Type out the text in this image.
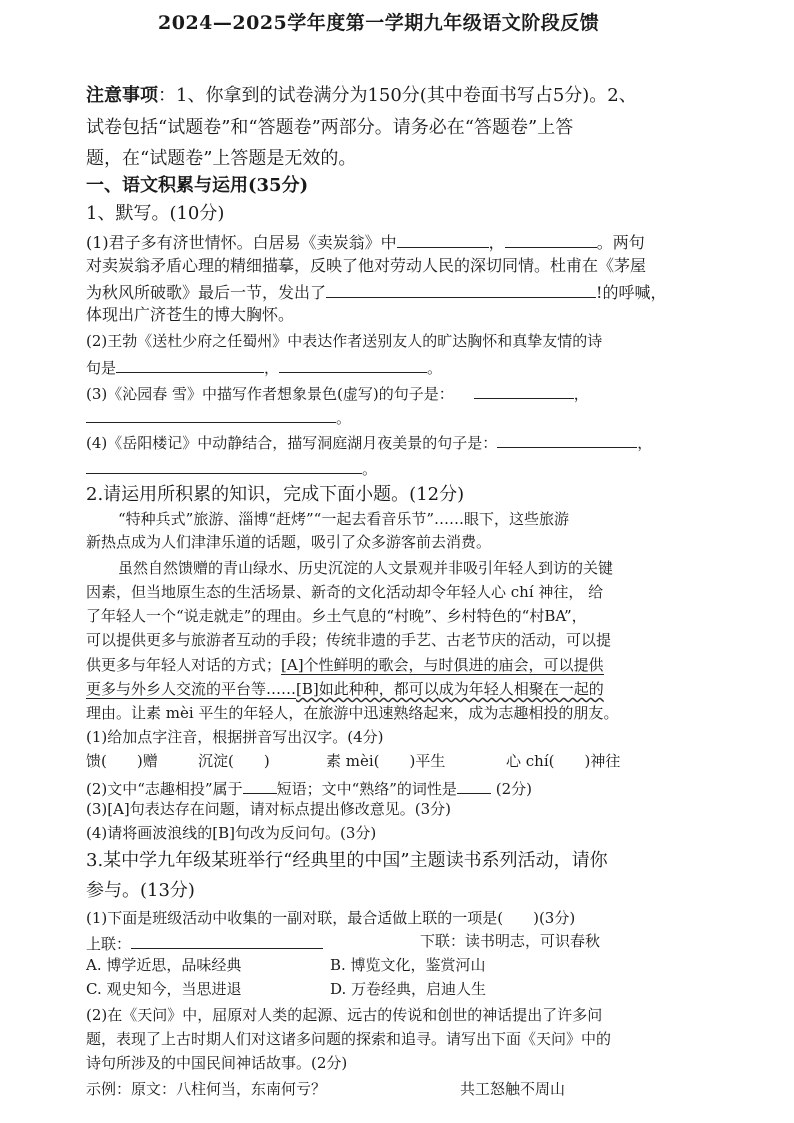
2024—2025学年度第一学期九年级语文阶段反馈
注意事项：1、你拿到的试卷满分为150分(其中卷面书写占5分)。2、
试卷包括“试题卷”和“答题卷”两部分。请务必在“答题卷”上答
题，在“试题卷”上答题是无效的。
一、语文积累与运用(35分)
1、默写。(10分)
(1)君子多有济世情怀。白居易《卖炭翁》中	，	。两句
对卖炭翁矛盾心理的精细描摹，反映了他对劳动人民的深切同情。杜甫在《茅屋
为秋风所破歌》最后一节，发出了	!的呼喊，
体现出广济苍生的博大胸怀。
(2)王勃《送杜少府之任蜀州》中表达作者送别友人的旷达胸怀和真挚友情的诗
句是	，	。
(3)《沁园春 雪》中描写作者想象景色(虚写)的句子是：	，
。
(4)《岳阳楼记》中动静结合，描写洞庭湖月夜美景的句子是：	，
。
2.请运用所积累的知识，完成下面小题。(12分)
“特种兵式”旅游、淄博“赶烤”“一起去看音乐节”……眼下，这些旅游
新热点成为人们津津乐道的话题，吸引了众多游客前去消费。
虽然自然馈赠的青山绿水、历史沉淀的人文景观并非吸引年轻人到访的关键
因素，但当地原生态的生活场景、新奇的文化活动却令年轻人心 chí 神往， 给
了年轻人一个“说走就走”的理由。乡土气息的“村晚”、乡村特色的“村BA”，
可以提供更多与旅游者互动的手段；传统非遗的手艺、古老节庆的活动，可以提
供更多与年轻人对话的方式；[A]个性鲜明的歌会，与时俱进的庙会，可以提供
更多与外乡人交流的平台等……[B]如此种种，都可以成为年轻人相聚在一起的
理由。让素 mèi 平生的年轻人，在旅游中迅速熟络起来，成为志趣相投的朋友。
(1)给加点字注音，根据拼音写出汉字。(4分)
馈(　　)赠	沉淀(　　)	素 mèi(　　)平生	心 chí(　　)神往
(2)文中“志趣相投”属于 短语；文中“熟络”的词性是	(2分)
(3)[A]句表达存在问题，请对标点提出修改意见。(3分)
(4)请将画波浪线的[B]句改为反问句。(3分)
3.某中学九年级某班举行“经典里的中国”主题读书系列活动，请你
参与。(13分)
(1)下面是班级活动中收集的一副对联，最合适做上联的一项是(　　)(3分)
上联：	下联：读书明志，可识春秋
A. 博学近思，品味经典	B. 博览文化，鉴赏河山
C. 观史知今，当思进退	D. 万卷经典，启迪人生
(2)在《天问》中，屈原对人类的起源、远古的传说和创世的神话提出了许多问
题，表现了上古时期人们对这诸多问题的探索和追寻。请写出下面《天问》中的
诗句所涉及的中国民间神话故事。(2分)
示例：原文：八柱何当，东南何亏？	共工怒触不周山
